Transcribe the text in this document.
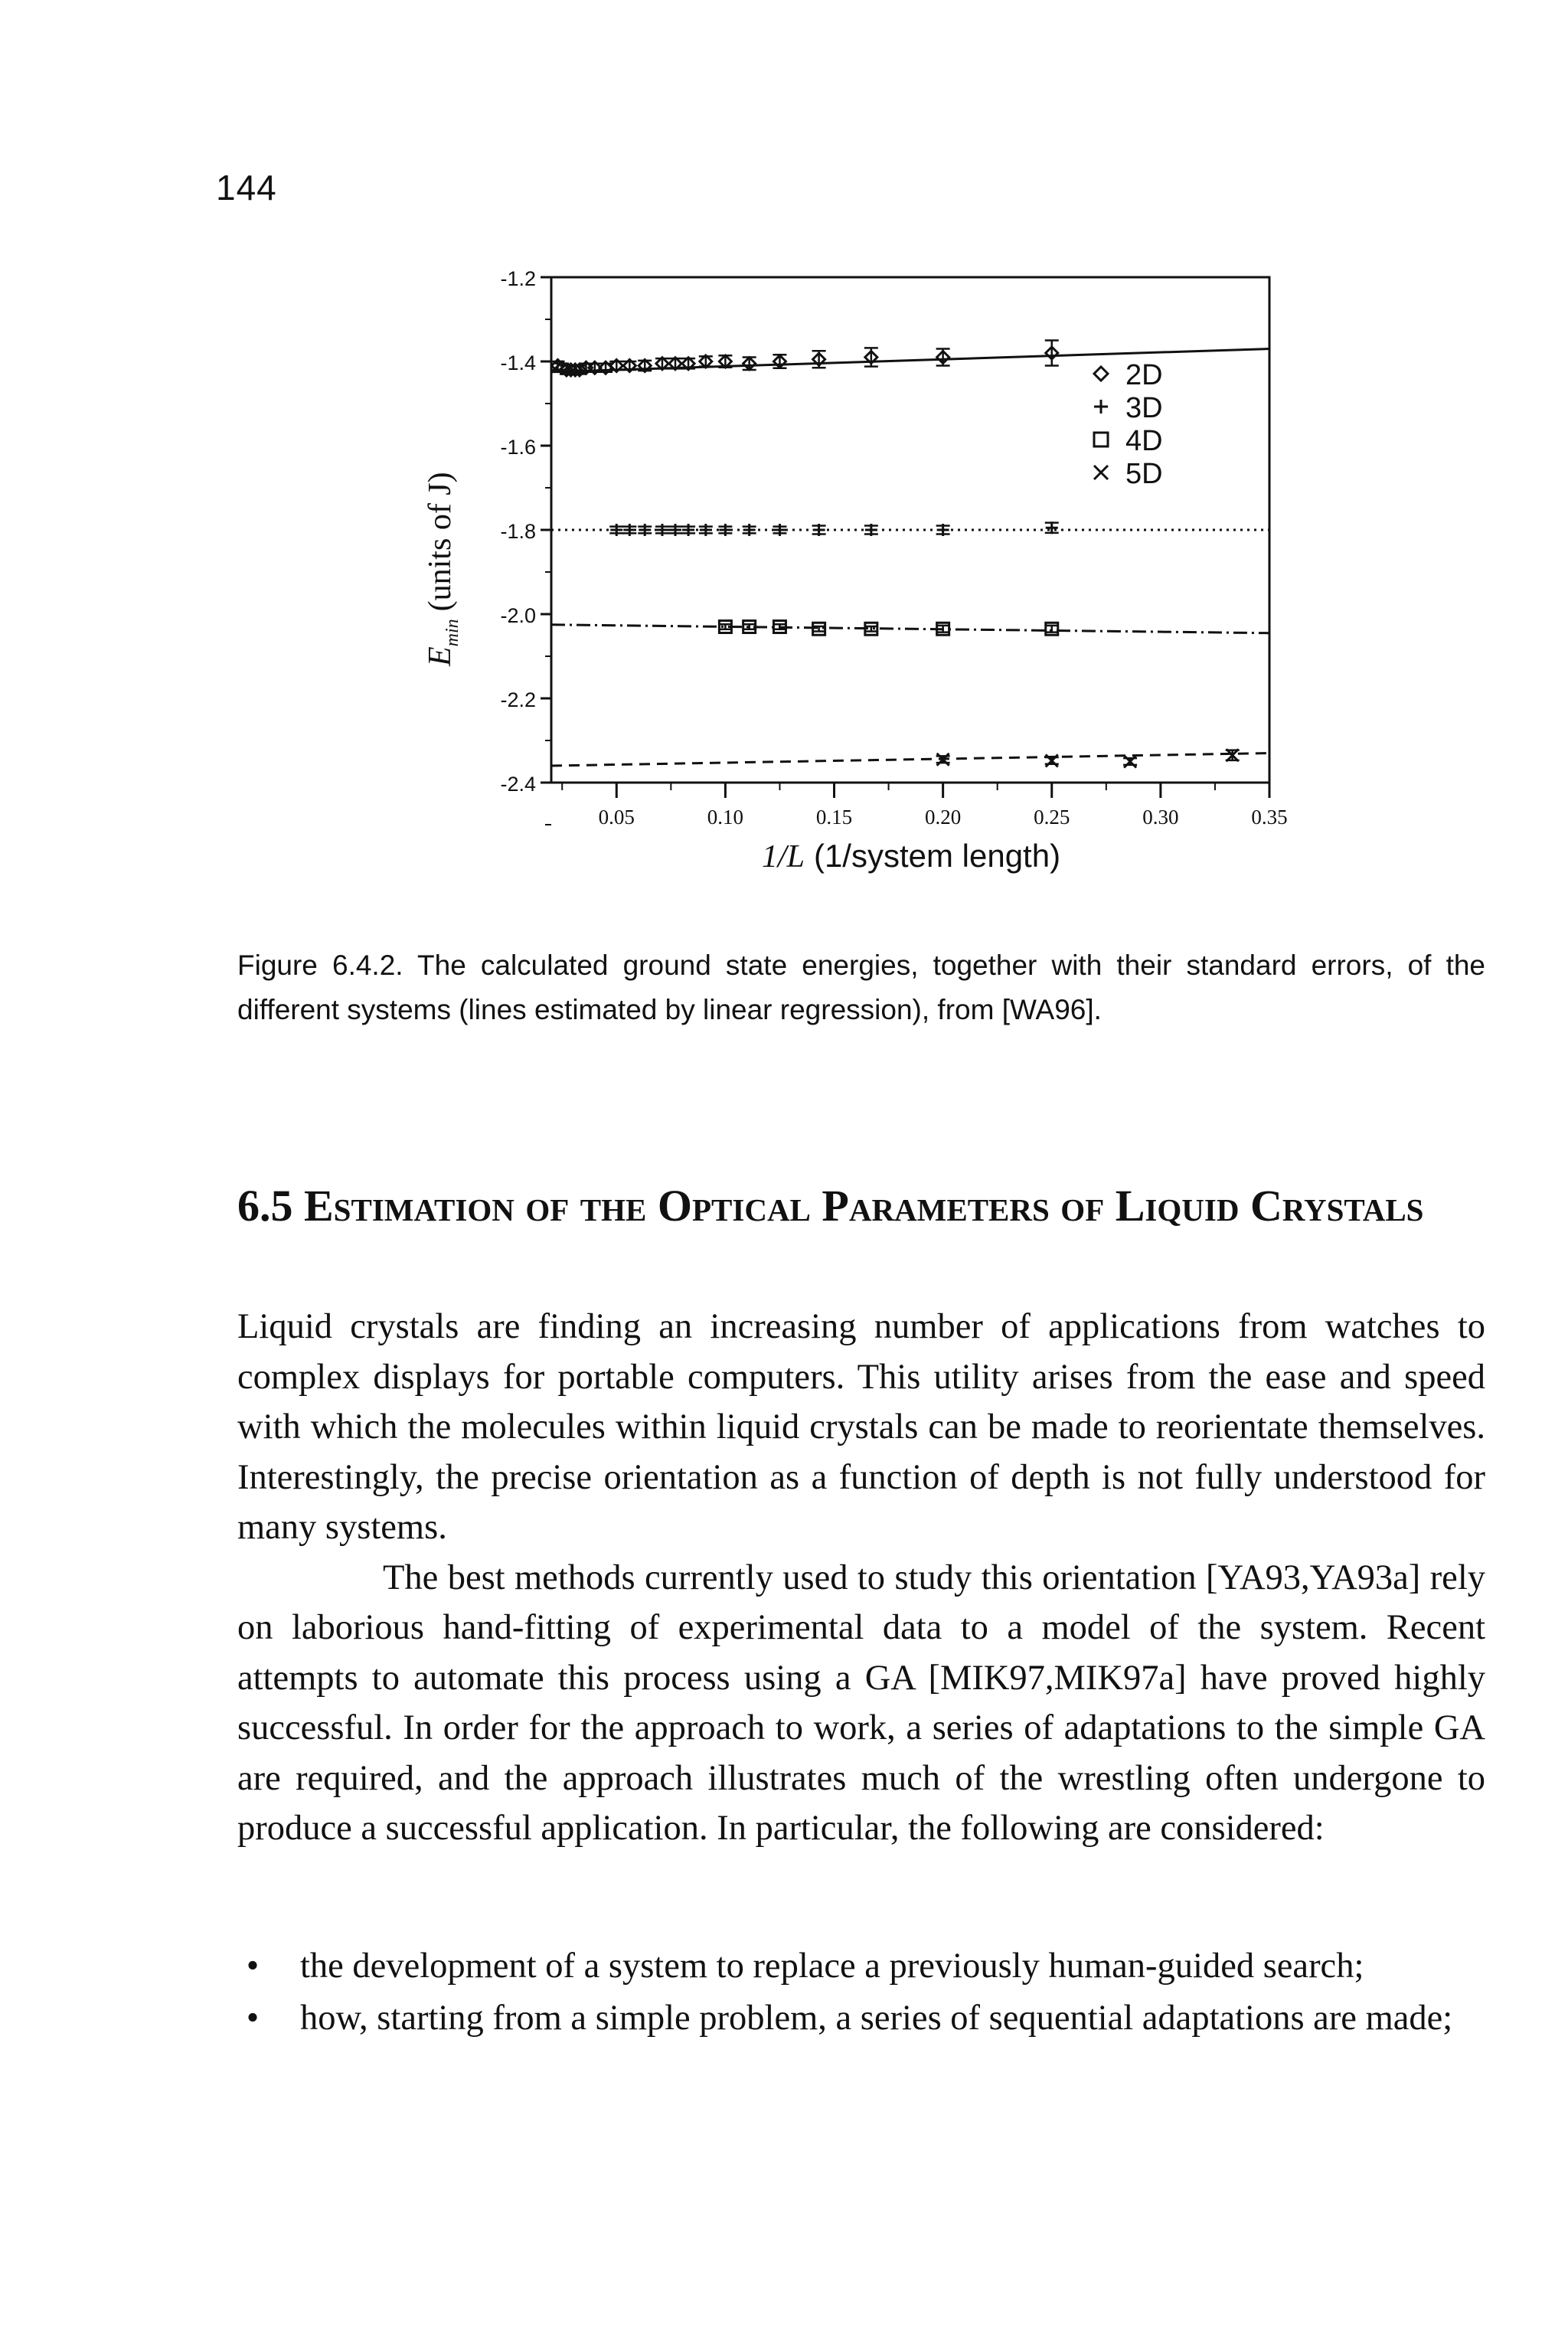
144
-1.2
-1.4
-1.6
-1.8
-2.0
-2.2
-2.4
0.05	0.10	0.15	0.20	0.25	0.30	0.35
2D
3D
4D
5D
$E_{min}(units$ of J)
1/L (1/system length)
Figure 6.4.2. The calculated ground state energies, together with their standard errors, of the different systems (lines estimated by linear regression), from [WA96].
6.5 Estimation of the Optical Parameters of Liquid Crystals

Liquid crystals are finding an increasing number of applications from watches to complex displays for portable computers. This utility arises from the ease and speed with which the molecules within liquid crystals can be made to reorientate themselves. Interestingly, the precise orientation as a function of depth is not fully understood for many systems.

The best methods currently used to study this orientation [YA93,YA93a] rely on laborious hand-fitting of experimental data to a model of the system. Recent attempts to automate this process using a GA [MIK97,MIK97a] have proved highly successful. In order for the approach to work, a series of adaptations to the simple GA are required, and the approach illustrates much of the wrestling often undergone to produce a successful application. In particular, the following are considered:

• the development of a system to replace a previously human-guided search;
• how, starting from a simple problem, a series of sequential adaptations are made;
